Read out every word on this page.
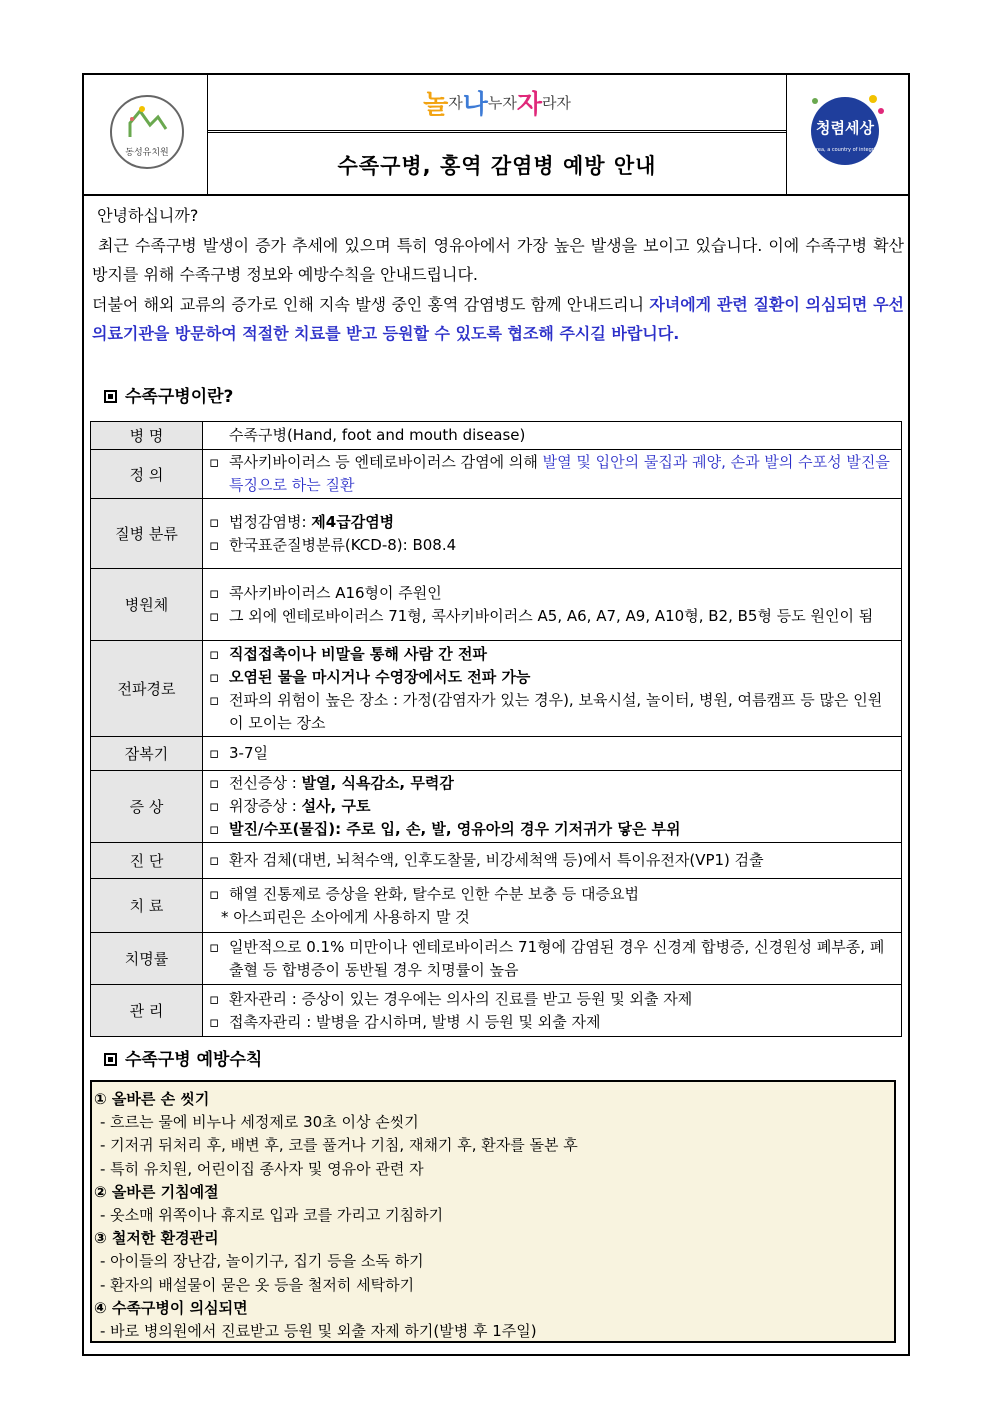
동성유치원
놀 자 나 누자 자 라자
수족구병, 홍역 감염병 예방 안내
청렴세상
Korea, a country of integrity

안녕하십니까?

최근 수족구병 발생이 증가 추세에 있으며 특히 영유아에서 가장 높은 발생을 보이고 있습니다. 이에 수족구병 확산 방지를 위해 수족구병 정보와 예방수칙을 안내드립니다.

더불어 해외 교류의 증가로 인해 지속 발생 중인 홍역 감염병도 함께 안내드리니 자녀에게 관련 질환이 의심되면 우선 의료기관을 방문하여 적절한 치료를 받고 등원할 수 있도록 협조해 주시길 바랍니다.

수족구병이란?
병 명	수족구병(Hand, foot and mouth disease)

정 의	▫ 콕사키바이러스 등 엔테로바이러스 감염에 의해 발열 및 입안의 물집과 궤양, 손과 발의 수포성 발진을 특징으로 하는 질환

질병 분류	▫ 법정감염병: 제4급감염병
▫ 한국표준질병분류(KCD-8): B08.4

병원체	▫ 콕사키바이러스 A16형이 주원인
▫ 그 외에 엔테로바이러스 71형, 콕사키바이러스 A5, A6, A7, A9, A10형, B2, B5형 등도 원인이 됨

전파경로	▫ 직접접촉이나 비말을 통해 사람 간 전파
▫ 오염된 물을 마시거나 수영장에서도 전파 가능
▫ 전파의 위험이 높은 장소 : 가정(감염자가 있는 경우), 보육시설, 놀이터, 병원, 여름캠프 등 많은 인원이 모이는 장소

잠복기	▫ 3-7일

증 상	▫ 전신증상 : 발열, 식욕감소, 무력감
▫ 위장증상 : 설사, 구토
▫ 발진/수포(물집): 주로 입, 손, 발, 영유아의 경우 기저귀가 닿은 부위

진 단	▫ 환자 검체(대변, 뇌척수액, 인후도찰물, 비강세척액 등)에서 특이유전자(VP1) 검출

치 료	▫ 해열 진통제로 증상을 완화, 탈수로 인한 수분 보충 등 대증요법
* 아스피린은 소아에게 사용하지 말 것

치명률	▫ 일반적으로 0.1% 미만이나 엔테로바이러스 71형에 감염된 경우 신경계 합병증, 신경원성 폐부종, 폐출혈 등 합병증이 동반될 경우 치명률이 높음

관 리	▫ 환자관리 : 증상이 있는 경우에는 의사의 진료를 받고 등원 및 외출 자제
▫ 접촉자관리 : 발병을 감시하며, 발병 시 등원 및 외출 자제
수족구병 예방수칙
① 올바른 손 씻기
- 흐르는 물에 비누나 세정제로 30초 이상 손씻기
- 기저귀 뒤처리 후, 배변 후, 코를 풀거나 기침, 재채기 후, 환자를 돌본 후
- 특히 유치원, 어린이집 종사자 및 영유아 관련 자
② 올바른 기침예절
- 옷소매 위쪽이나 휴지로 입과 코를 가리고 기침하기
③ 철저한 환경관리
- 아이들의 장난감, 놀이기구, 집기 등을 소독 하기
- 환자의 배설물이 묻은 옷 등을 철저히 세탁하기
④ 수족구병이 의심되면
- 바로 병의원에서 진료받고 등원 및 외출 자제 하기(발병 후 1주일)
